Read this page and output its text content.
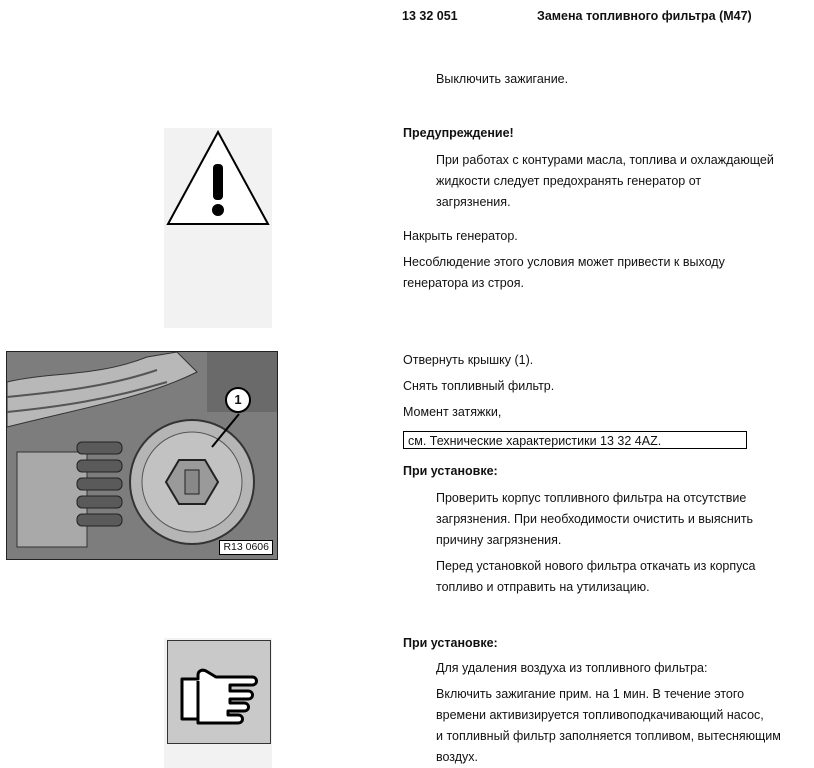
13 32 051	Замена топливного фильтра (М47)
Выключить зажигание.
Предупреждение!
При работах с контурами масла, топлива и охлаждающей
жидкости следует предохранять генератор от
загрязнения.
Накрыть генератор.
Несоблюдение этого условия может привести к выходу
генератора из строя.
1
R13 0606
Отвернуть крышку (1).
Снять топливный фильтр.
Момент затяжки,
см. Технические характеристики 13 32 4AZ.
При установке:
Проверить корпус топливного фильтра на отсутствие
загрязнения. При необходимости очистить и выяснить
причину загрязнения.
Перед установкой нового фильтра откачать из корпуса
топливо и отправить на утилизацию.
При установке:
Для удаления воздуха из топливного фильтра:
Включить зажигание прим. на 1 мин. В течение этого
времени активизируется топливоподкачивающий насос,
и топливный фильтр заполняется топливом, вытесняющим
воздух.
